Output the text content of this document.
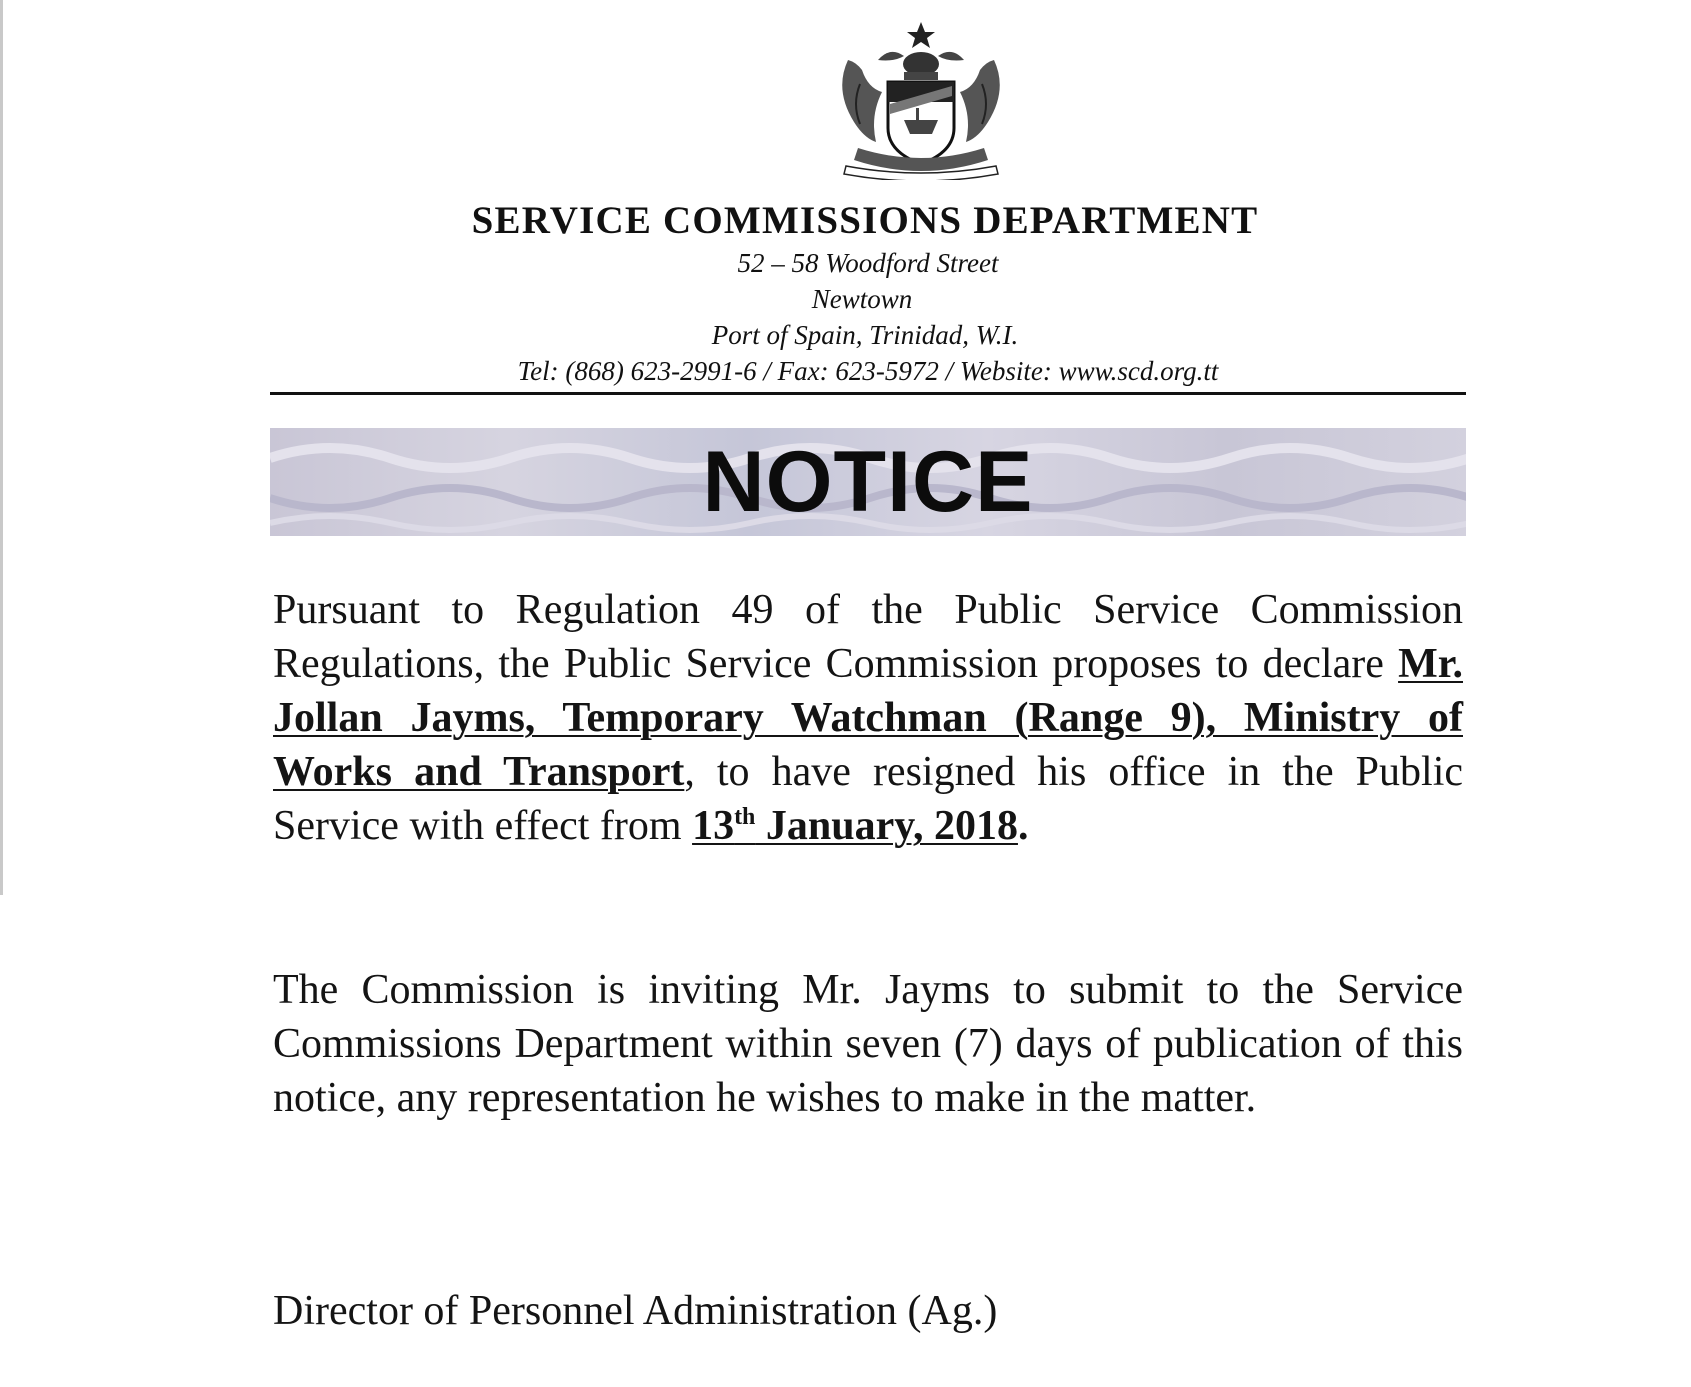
SERVICE COMMISSIONS DEPARTMENT
52 – 58 Woodford Street
Newtown
Port of Spain, Trinidad, W.I.
Tel: (868) 623-2991-6 / Fax: 623-5972 / Website: www.scd.org.tt
NOTICE
Pursuant to Regulation 49 of the Public Service Commission Regulations, the Public Service Commission proposes to declare Mr. Jollan Jayms, Temporary Watchman (Range 9), Ministry of Works and Transport, to have resigned his office in the Public Service with effect from 13th January, 2018.
The Commission is inviting Mr. Jayms to submit to the Service Commissions Department within seven (7) days of publication of this notice, any representation he wishes to make in the matter.
Director of Personnel Administration (Ag.)
